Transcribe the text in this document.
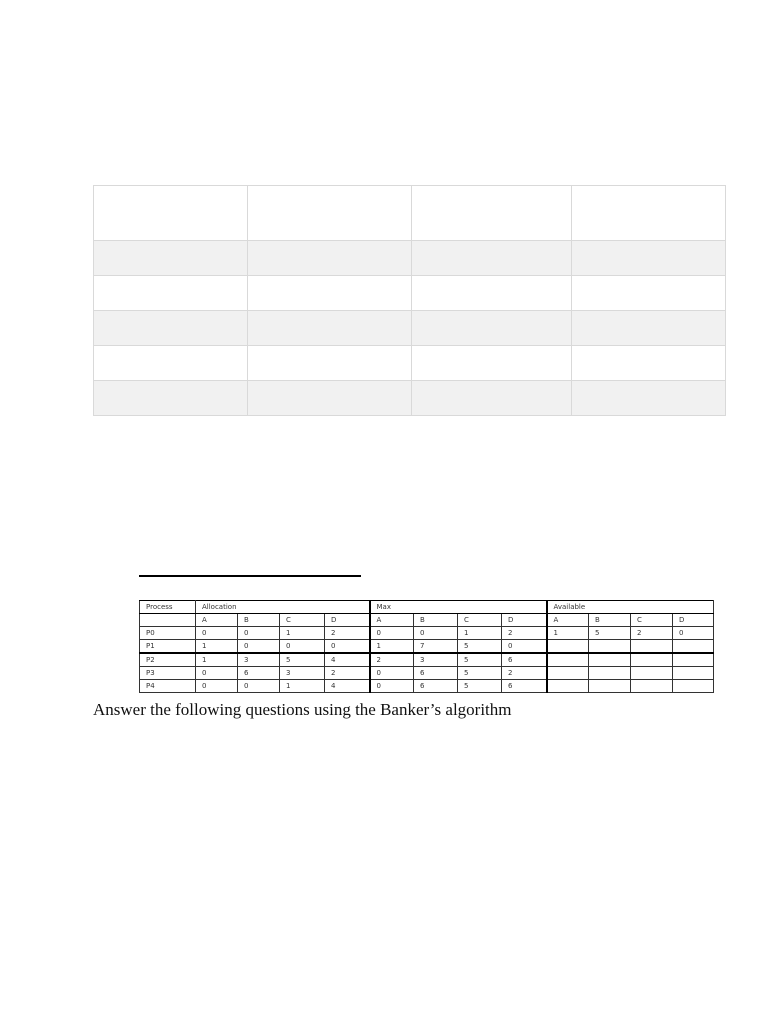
Process	Allocation				Max				Available			
	A	B	C	D	A	B	C	D	A	B	C	D
P0	0	0	1	2	0	0	1	2	1	5	2	0
P1	1	0	0	0	1	7	5	0				
P2	1	3	5	4	2	3	5	6				
P3	0	6	3	2	0	6	5	2				
P4	0	0	1	4	0	6	5	6				
Answer the following questions using the Banker’s algorithm
